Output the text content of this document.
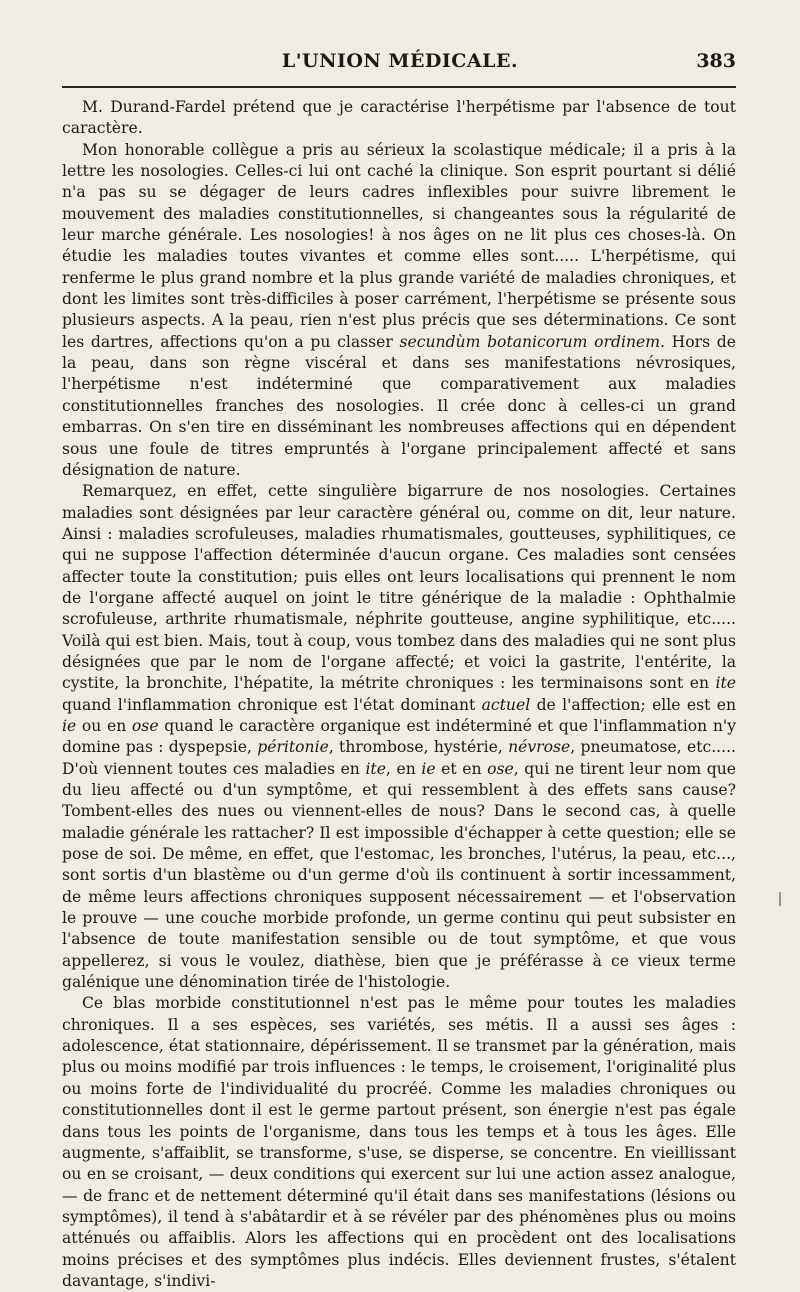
L'UNION MÉDICALE.	383

M. Durand-Fardel prétend que je caractérise l'herpétisme par l'absence de tout caractère.

Mon honorable collègue a pris au sérieux la scolastique médicale; il a pris à la lettre les nosologies. Celles-ci lui ont caché la clinique. Son esprit pourtant si délié n'a pas su se dégager de leurs cadres inflexibles pour suivre librement le mouvement des maladies constitutionnelles, si changeantes sous la régularité de leur marche générale. Les nosologies! à nos âges on ne lit plus ces choses-là. On étudie les maladies toutes vivantes et comme elles sont..... L'herpétisme, qui renferme le plus grand nombre et la plus grande variété de maladies chroniques, et dont les limites sont très-difficiles à poser carrément, l'herpétisme se présente sous plusieurs aspects. A la peau, rien n'est plus précis que ses déterminations. Ce sont les dartres, affections qu'on a pu classer secundùm botanicorum ordinem. Hors de la peau, dans son règne viscéral et dans ses manifestations névrosiques, l'herpétisme n'est indéterminé que comparativement aux maladies constitutionnelles franches des nosologies. Il crée donc à celles-ci un grand embarras. On s'en tire en disséminant les nombreuses affections qui en dépendent sous une foule de titres empruntés à l'organe principalement affecté et sans désignation de nature.

Remarquez, en effet, cette singulière bigarrure de nos nosologies. Certaines maladies sont désignées par leur caractère général ou, comme on dit, leur nature. Ainsi : maladies scrofuleuses, maladies rhumatismales, goutteuses, syphilitiques, ce qui ne suppose l'affection déterminée d'aucun organe. Ces maladies sont censées affecter toute la constitution; puis elles ont leurs localisations qui prennent le nom de l'organe affecté auquel on joint le titre générique de la maladie : Ophthalmie scrofuleuse, arthrite rhumatismale, néphrite goutteuse, angine syphilitique, etc..... Voilà qui est bien. Mais, tout à coup, vous tombez dans des maladies qui ne sont plus désignées que par le nom de l'organe affecté; et voici la gastrite, l'entérite, la cystite, la bronchite, l'hépatite, la métrite chroniques : les terminaisons sont en ite quand l'inflammation chronique est l'état dominant actuel de l'affection; elle est en ie ou en ose quand le caractère organique est indéterminé et que l'inflammation n'y domine pas : dyspepsie, péritonie, thrombose, hystérie, névrose, pneumatose, etc..... D'où viennent toutes ces maladies en ite, en ie et en ose, qui ne tirent leur nom que du lieu affecté ou d'un symptôme, et qui ressemblent à des effets sans cause? Tombent-elles des nues ou viennent-elles de nous? Dans le second cas, à quelle maladie générale les rattacher? Il est impossible d'échapper à cette question; elle se pose de soi. De même, en effet, que l'estomac, les bronches, l'utérus, la peau, etc..., sont sortis d'un blastème ou d'un germe d'où ils continuent à sortir incessamment, de même leurs affections chroniques supposent nécessairement — et l'observation le prouve — une couche morbide profonde, un germe continu qui peut subsister en l'absence de toute manifestation sensible ou de tout symptôme, et que vous appellerez, si vous le voulez, diathèse, bien que je préférasse à ce vieux terme galénique une dénomination tirée de l'histologie.

Ce blas morbide constitutionnel n'est pas le même pour toutes les maladies chroniques. Il a ses espèces, ses variétés, ses métis. Il a aussi ses âges : adolescence, état stationnaire, dépérissement. Il se transmet par la génération, mais plus ou moins modifié par trois influences : le temps, le croisement, l'originalité plus ou moins forte de l'individualité du procréé. Comme les maladies chroniques ou constitutionnelles dont il est le germe partout présent, son énergie n'est pas égale dans tous les points de l'organisme, dans tous les temps et à tous les âges. Elle augmente, s'affaiblit, se transforme, s'use, se disperse, se concentre. En vieillissant ou en se croisant, — deux conditions qui exercent sur lui une action assez analogue, — de franc et de nettement déterminé qu'il était dans ses manifestations (lésions ou symptômes), il tend à s'abâtardir et à se révéler par des phénomènes plus ou moins atténués ou affaiblis. Alors les affections qui en procèdent ont des localisations moins précises et des symptômes plus indécis. Elles deviennent frustes, s'étalent davantage, s'indivi-
